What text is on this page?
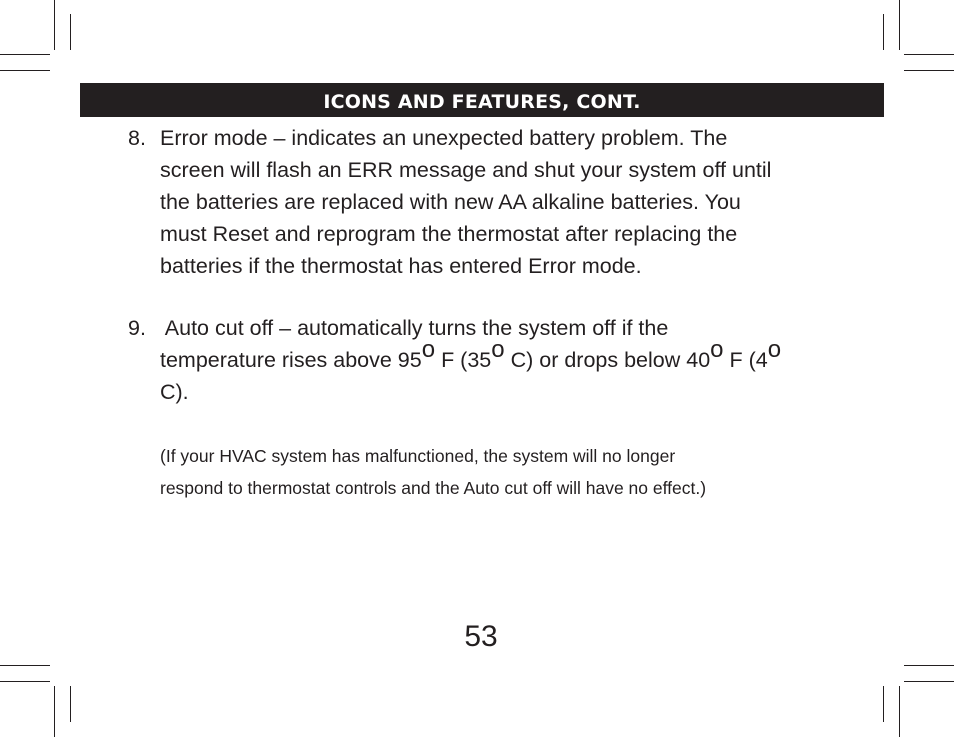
ICONS AND FEATURES, CONT.
8. Error mode – indicates an unexpected battery problem. The
screen will flash an ERR message and shut your system off until
the batteries are replaced with new AA alkaline batteries. You
must Reset and reprogram the thermostat after replacing the
batteries if the thermostat has entered Error mode.
9. Auto cut off – automatically turns the system off if the
temperature rises above 95o F (35o C) or drops below 40o F (4o
C).
(If your HVAC system has malfunctioned, the system will no longer
respond to thermostat controls and the Auto cut off will have no effect.)
53
